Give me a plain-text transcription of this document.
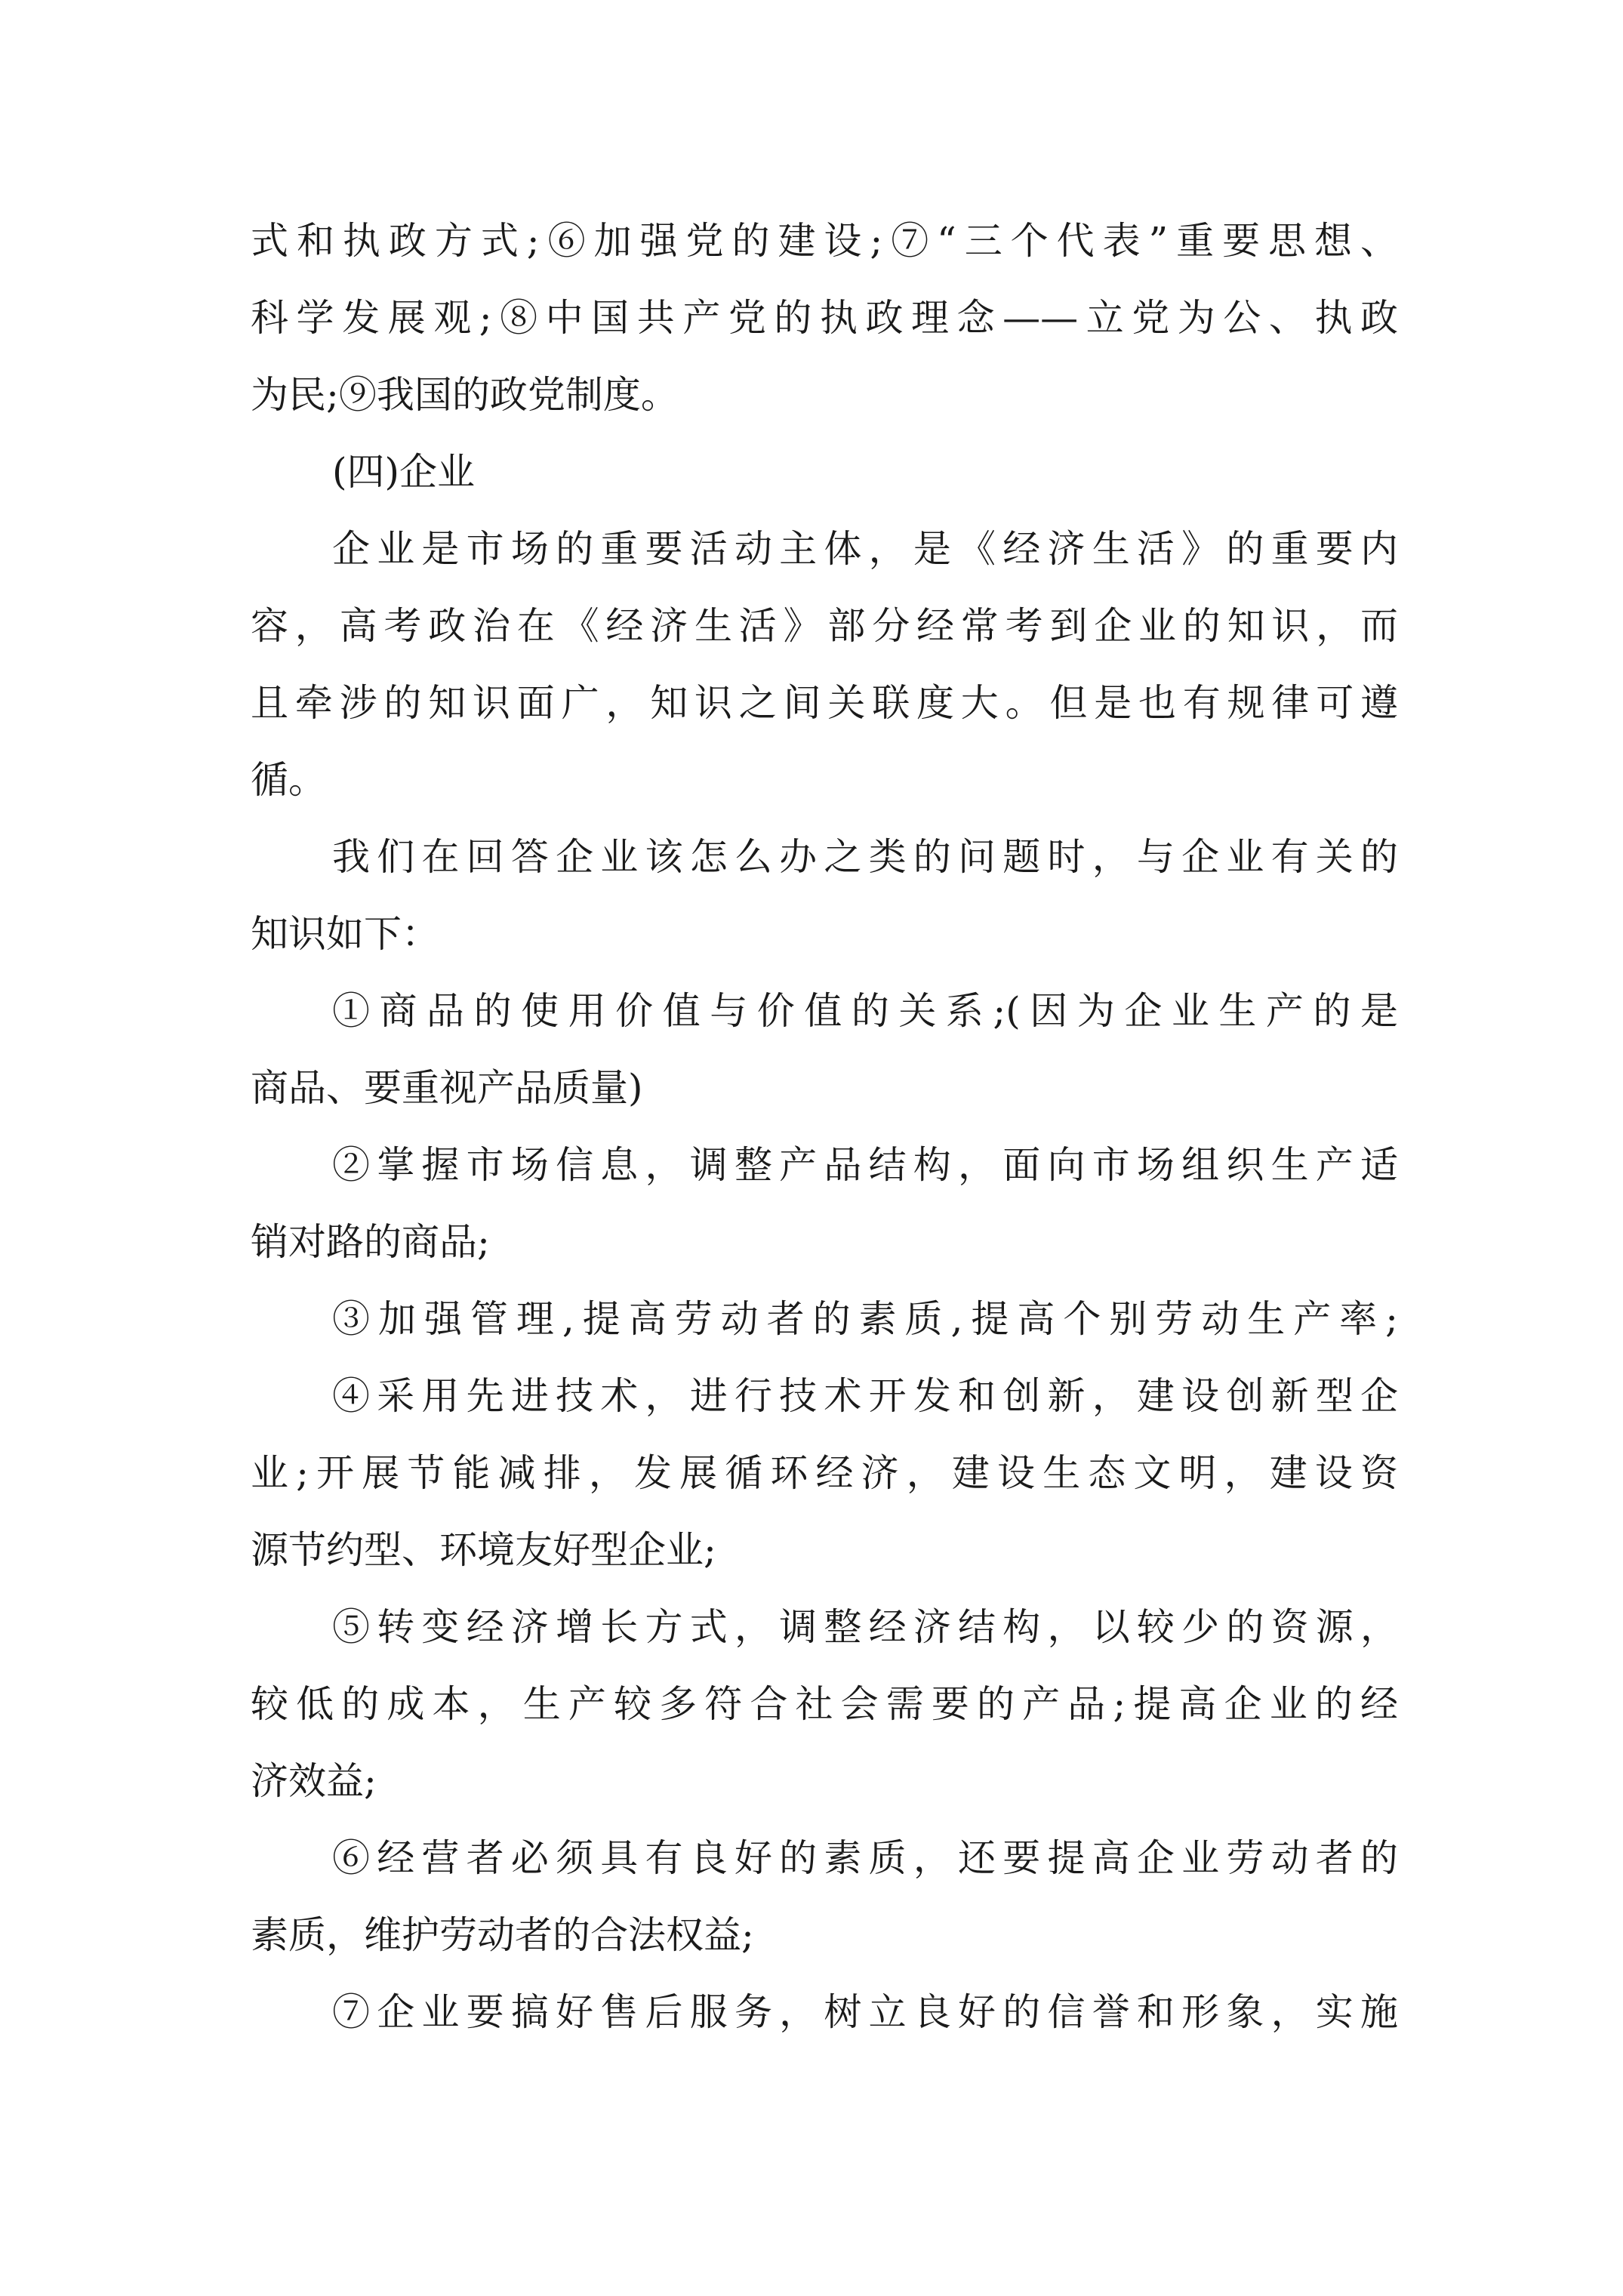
式和执政方式;⑥加强党的建设;⑦“三个代表”重要思想、
科学发展观;⑧中国共产党的执政理念——立党为公、执政
为民;⑨我国的政党制度。
(四)企业
企业是市场的重要活动主体，是《经济生活》的重要内
容，高考政治在《经济生活》部分经常考到企业的知识，而
且牵涉的知识面广，知识之间关联度大。但是也有规律可遵
循。
我们在回答企业该怎么办之类的问题时，与企业有关的
知识如下：
①商品的使用价值与价值的关系;(因为企业生产的是
商品、要重视产品质量)
②掌握市场信息，调整产品结构，面向市场组织生产适
销对路的商品;
③加强管理,提高劳动者的素质,提高个别劳动生产率;
④采用先进技术，进行技术开发和创新，建设创新型企
业;开展节能减排，发展循环经济，建设生态文明，建设资
源节约型、环境友好型企业;
⑤转变经济增长方式，调整经济结构，以较少的资源，
较低的成本，生产较多符合社会需要的产品;提高企业的经
济效益;
⑥经营者必须具有良好的素质，还要提高企业劳动者的
素质，维护劳动者的合法权益;
⑦企业要搞好售后服务，树立良好的信誉和形象，实施
